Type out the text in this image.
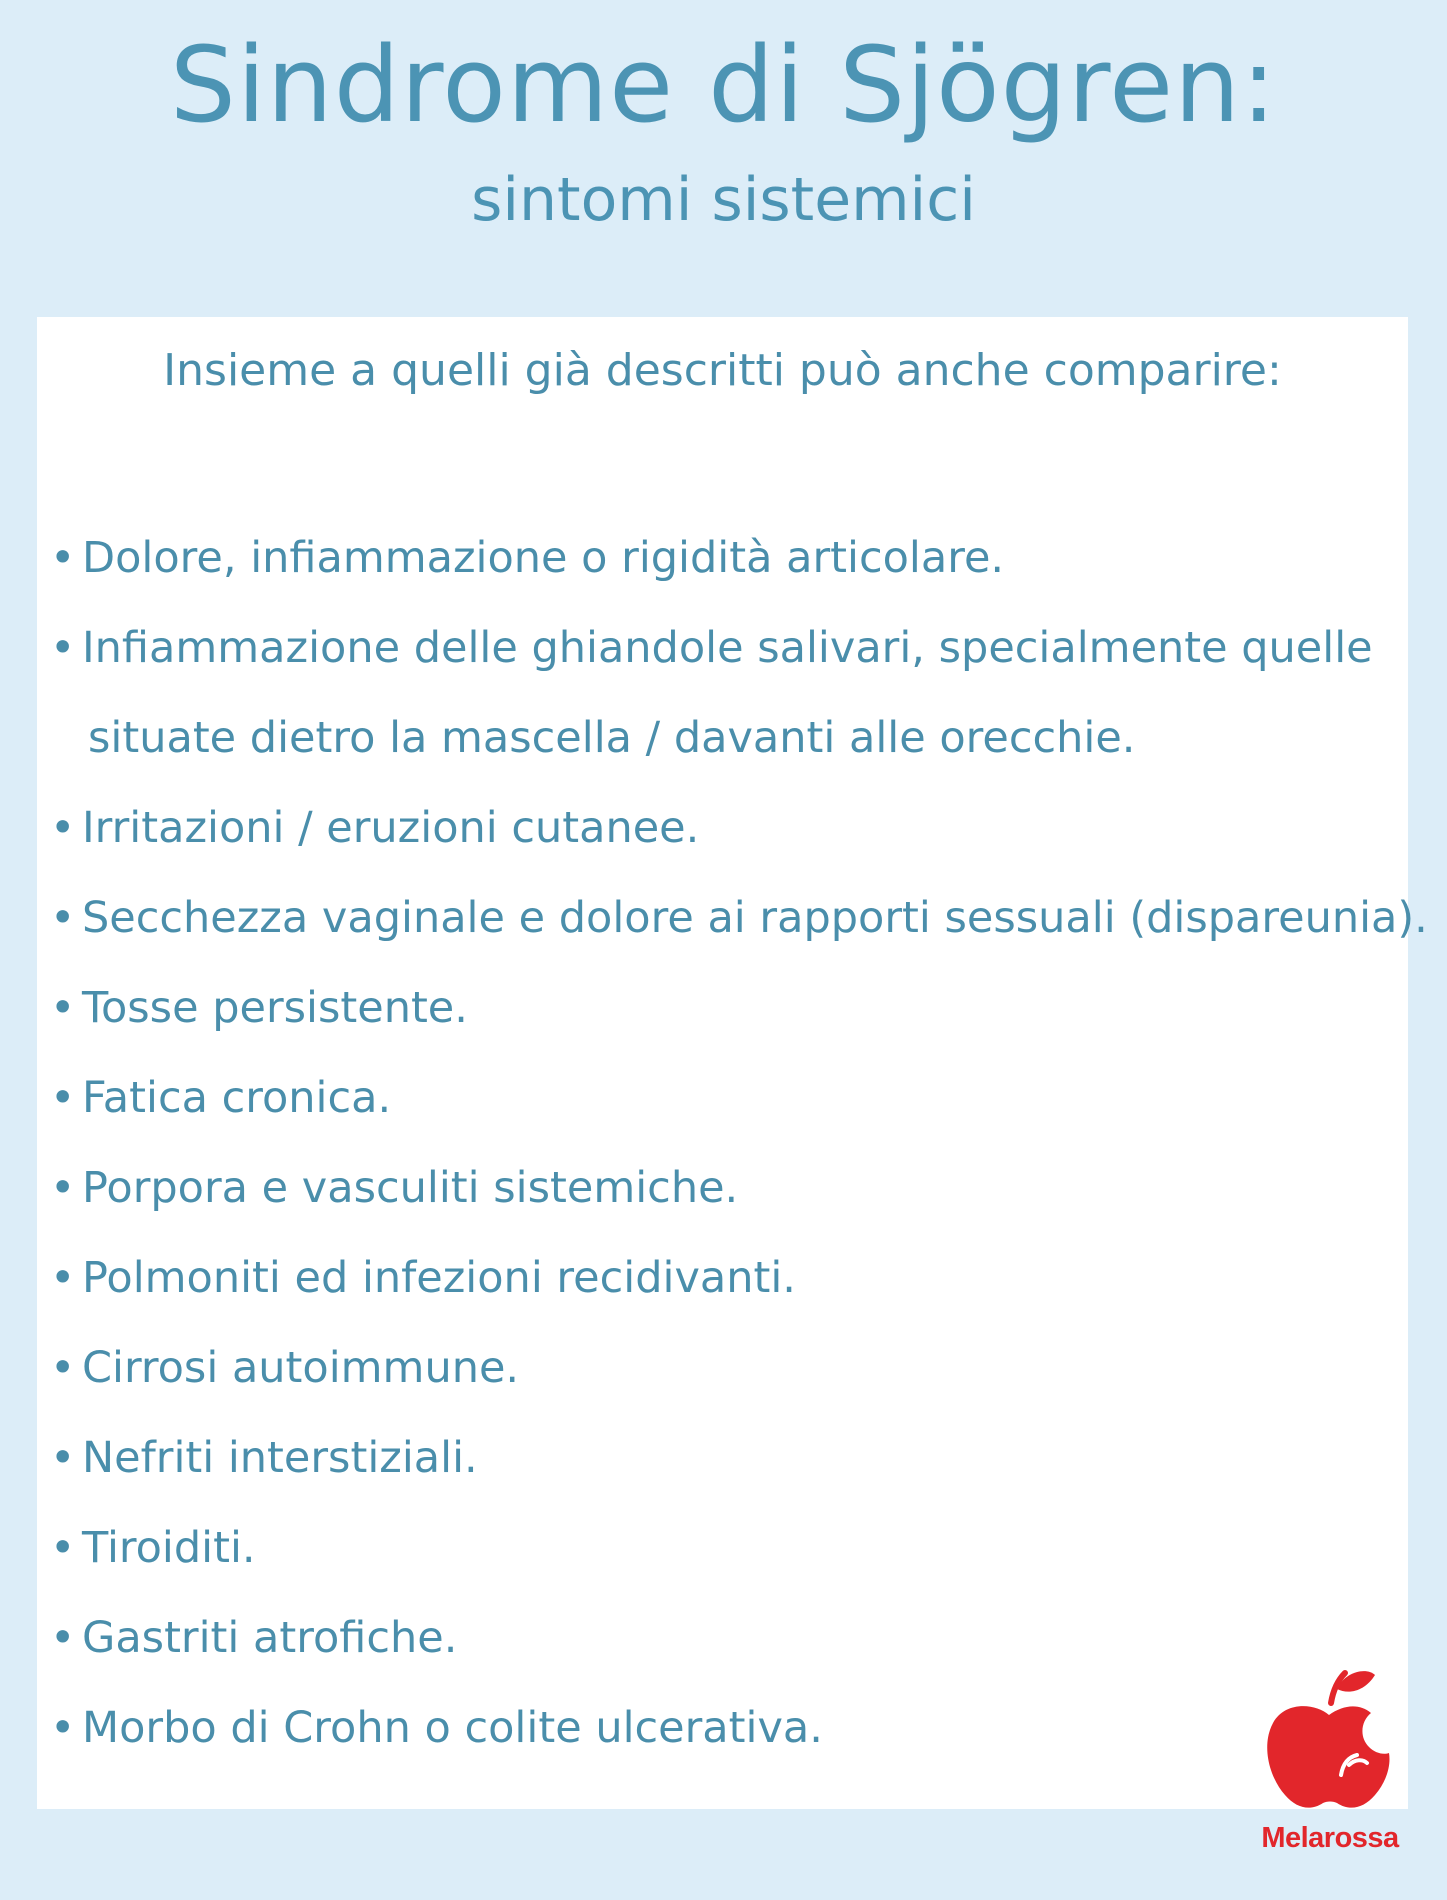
Sindrome di Sjögren:
sintomi sistemici
Insieme a quelli già descritti può anche comparire:
• Dolore, infiammazione o rigidità articolare.
• Infiammazione delle ghiandole salivari, specialmente quelle
situate dietro la mascella / davanti alle orecchie.
• Irritazioni / eruzioni cutanee.
• Secchezza vaginale e dolore ai rapporti sessuali (dispareunia).
• Tosse persistente.
• Fatica cronica.
• Porpora e vasculiti sistemiche.
• Polmoniti ed infezioni recidivanti.
• Cirrosi autoimmune.
• Nefriti interstiziali.
• Tiroiditi.
• Gastriti atrofiche.
• Morbo di Crohn o colite ulcerativa.
Melarossa
